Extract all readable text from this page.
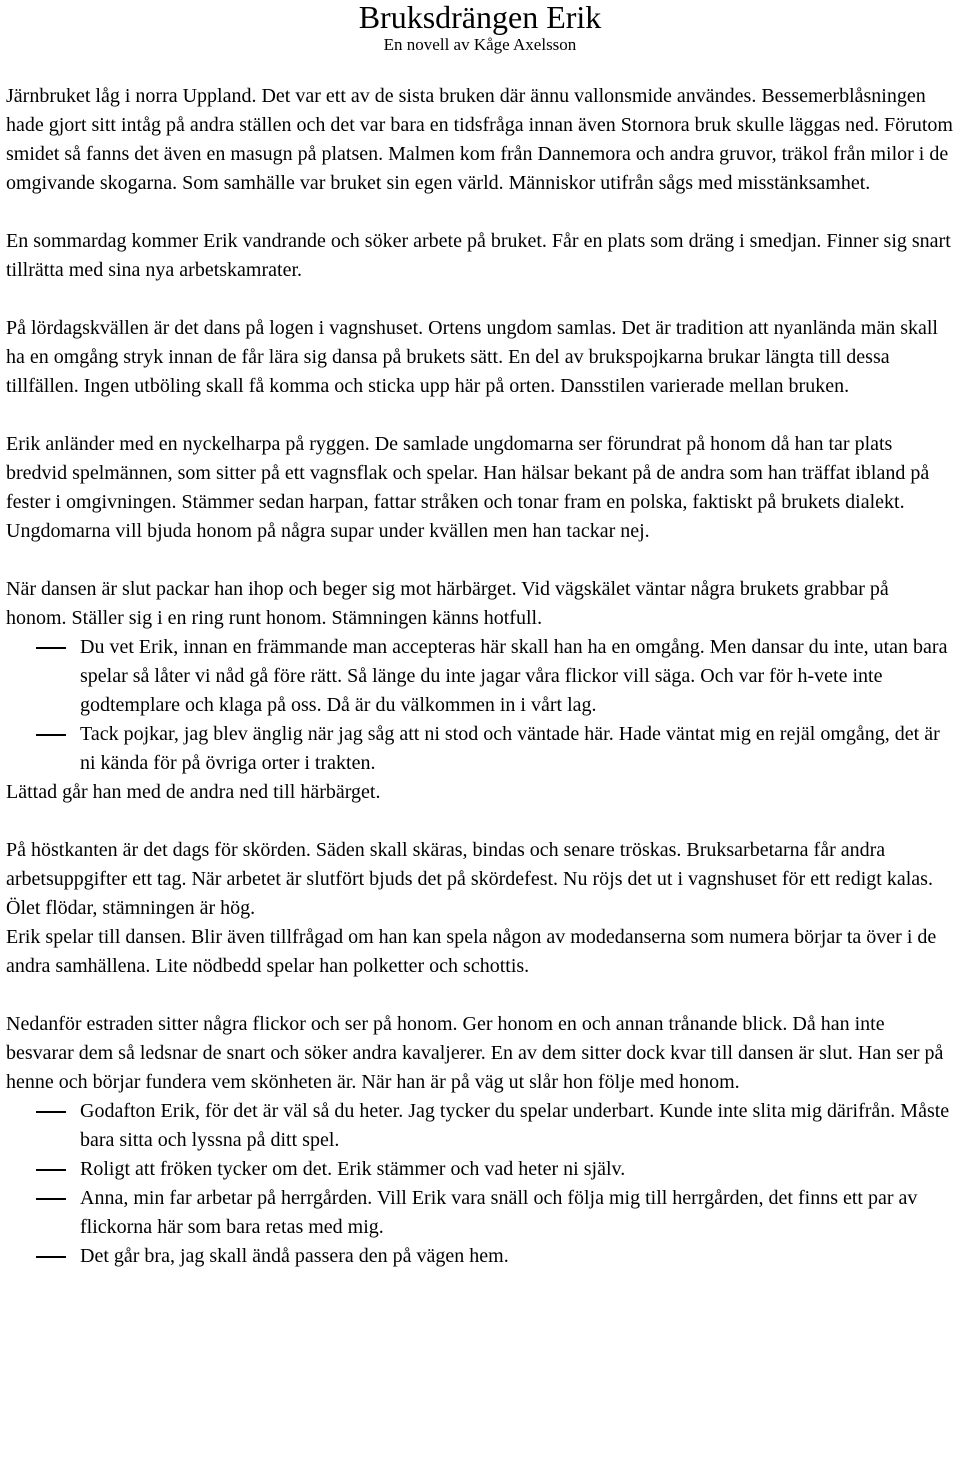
Bruksdrängen Erik
En novell av Kåge Axelsson

Järnbruket låg i norra Uppland. Det var ett av de sista bruken där ännu vallonsmide användes. Bessemerblåsningen hade gjort sitt intåg på andra ställen och det var bara en tidsfråga innan även Stornora bruk skulle läggas ned. Förutom smidet så fanns det även en masugn på platsen. Malmen kom från Dannemora och andra gruvor, träkol från milor i de omgivande skogarna. Som samhälle var bruket sin egen värld. Människor utifrån sågs med misstänksamhet.

En sommardag kommer Erik vandrande och söker arbete på bruket. Får en plats som dräng i smedjan. Finner sig snart tillrätta med sina nya arbetskamrater.

På lördagskvällen är det dans på logen i vagnshuset. Ortens ungdom samlas. Det är tradition att nyanlända män skall ha en omgång stryk innan de får lära sig dansa på brukets sätt. En del av brukspojkarna brukar längta till dessa tillfällen. Ingen utböling skall få komma och sticka upp här på orten. Dansstilen varierade mellan bruken.

Erik anländer med en nyckelharpa på ryggen. De samlade ungdomarna ser förundrat på honom då han tar plats bredvid spelmännen, som sitter på ett vagnsflak och spelar. Han hälsar bekant på de andra som han träffat ibland på fester i omgivningen. Stämmer sedan harpan, fattar stråken och tonar fram en polska, faktiskt på brukets dialekt.

Ungdomarna vill bjuda honom på några supar under kvällen men han tackar nej.

När dansen är slut packar han ihop och beger sig mot härbärget. Vid vägskälet väntar några brukets grabbar på honom. Ställer sig i en ring runt honom. Stämningen känns hotfull.

Du vet Erik, innan en främmande man accepteras här skall han ha en omgång. Men dansar du inte, utan bara spelar så låter vi nåd gå före rätt. Så länge du inte jagar våra flickor vill säga. Och var för h-vete inte godtemplare och klaga på oss. Då är du välkommen in i vårt lag.
Tack pojkar, jag blev änglig när jag såg att ni stod och väntade här. Hade väntat mig en rejäl omgång, det är ni kända för på övriga orter i trakten.

Lättad går han med de andra ned till härbärget.

På höstkanten är det dags för skörden. Säden skall skäras, bindas och senare tröskas. Bruksarbetarna får andra arbetsuppgifter ett tag. När arbetet är slutfört bjuds det på skördefest. Nu röjs det ut i vagnshuset för ett redigt kalas. Ölet flödar, stämningen är hög.

Erik spelar till dansen. Blir även tillfrågad om han kan spela någon av modedanserna som numera börjar ta över i de andra samhällena. Lite nödbedd spelar han polketter och schottis.

Nedanför estraden sitter några flickor och ser på honom. Ger honom en och annan trånande blick. Då han inte besvarar dem så ledsnar de snart och söker andra kavaljerer. En av dem sitter dock kvar till dansen är slut. Han ser på henne och börjar fundera vem skönheten är. När han är på väg ut slår hon följe med honom.

Godafton Erik, för det är väl så du heter. Jag tycker du spelar underbart. Kunde inte slita mig därifrån. Måste bara sitta och lyssna på ditt spel.
Roligt att fröken tycker om det. Erik stämmer och vad heter ni själv.
Anna, min far arbetar på herrgården. Vill Erik vara snäll och följa mig till herrgården, det finns ett par av flickorna här som bara retas med mig.
Det går bra, jag skall ändå passera den på vägen hem.
